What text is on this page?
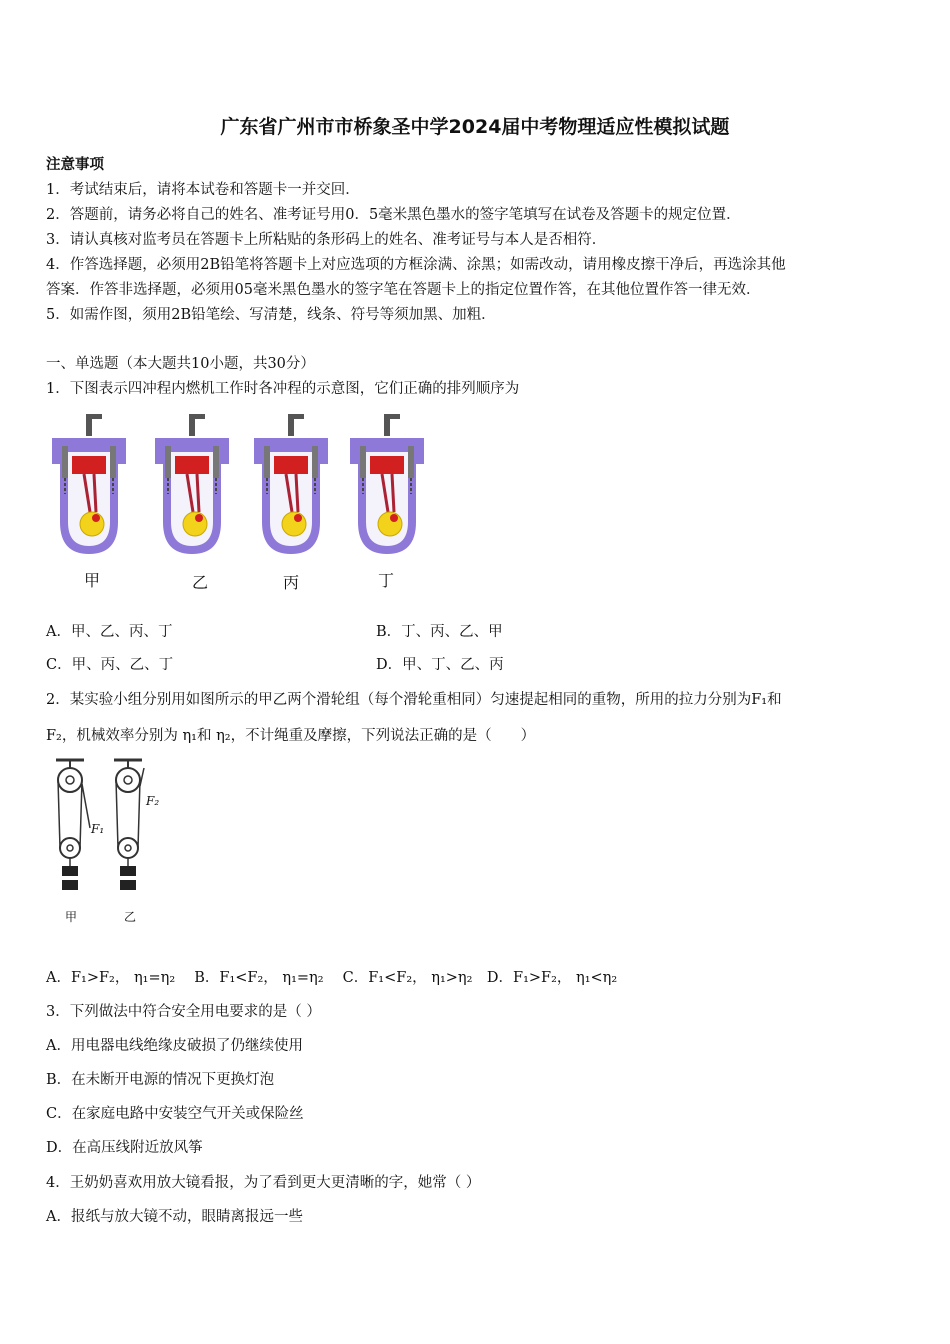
广东省广州市市桥象圣中学2024届中考物理适应性模拟试题
注意事项
1．考试结束后，请将本试卷和答题卡一并交回．
2．答题前，请务必将自己的姓名、准考证号用0．5毫米黑色墨水的签字笔填写在试卷及答题卡的规定位置．
3．请认真核对监考员在答题卡上所粘贴的条形码上的姓名、准考证号与本人是否相符．
4．作答选择题，必须用2B铅笔将答题卡上对应选项的方框涂满、涂黑；如需改动，请用橡皮擦干净后，再选涂其他
答案．作答非选择题，必须用05毫米黑色墨水的签字笔在答题卡上的指定位置作答，在其他位置作答一律无效．
5．如需作图，须用2B铅笔绘、写清楚，线条、符号等须加黑、加粗．
一、单选题（本大题共10小题，共30分）
1．下图表示四冲程内燃机工作时各冲程的示意图，它们正确的排列顺序为
甲	乙	丙	丁
A．甲、乙、丙、丁	B．丁、丙、乙、甲
C．甲、丙、乙、丁	D．甲、丁、乙、丙
2．某实验小组分别用如图所示的甲乙两个滑轮组（每个滑轮重相同）匀速提起相同的重物，所用的拉力分别为F₁和
F₂，机械效率分别为 η₁和 η₂，不计绳重及摩擦，下列说法正确的是（　　）
F₁
F₂
甲	乙
A．F₁>F₂， η₁=η₂　 B．F₁<F₂， η₁=η₂　 C．F₁<F₂， η₁>η₂　D．F₁>F₂， η₁<η₂
3．下列做法中符合安全用电要求的是（ ）
A．用电器电线绝缘皮破损了仍继续使用
B．在未断开电源的情况下更换灯泡
C．在家庭电路中安装空气开关或保险丝
D．在高压线附近放风筝
4．王奶奶喜欢用放大镜看报，为了看到更大更清晰的字，她常（ ）
A．报纸与放大镜不动，眼睛离报远一些
